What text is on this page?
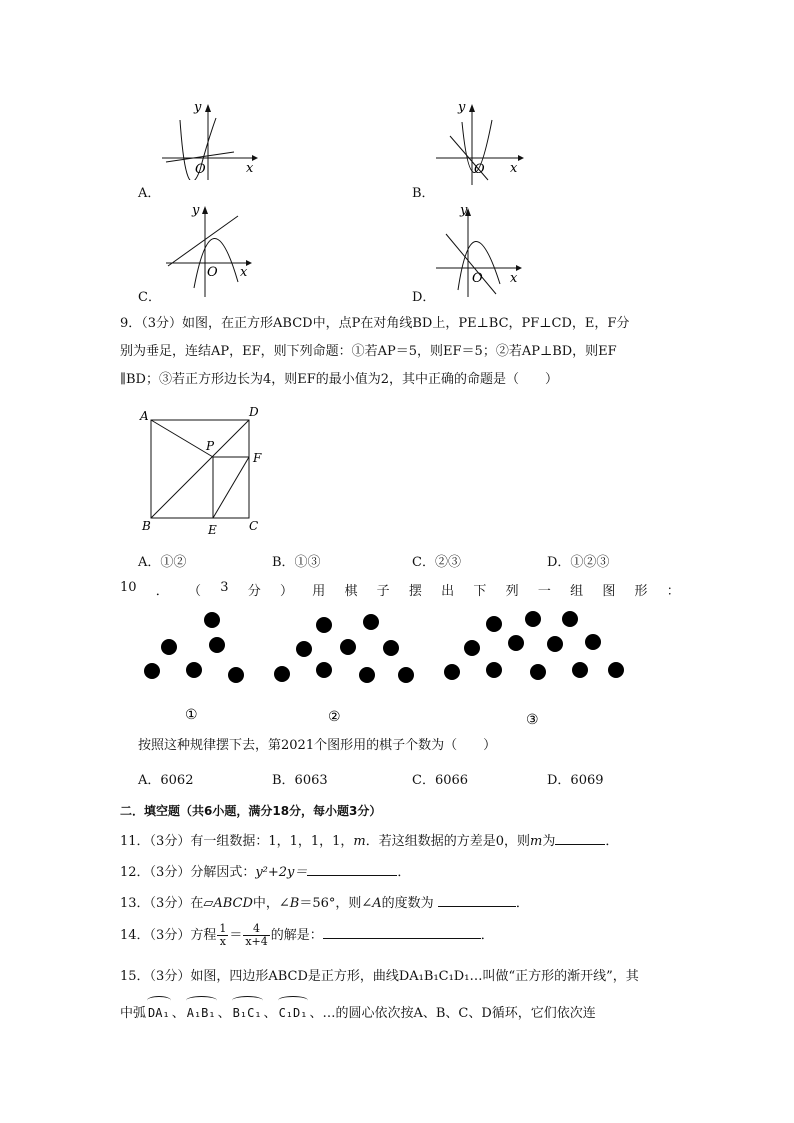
y
x
O
A．
y
x
O
B．
y
x
O
C．
y
x
O
D．
9．（3分）如图，在正方形ABCD中，点P在对角线BD上，PE⊥BC，PF⊥CD，E，F分
别为垂足，连结AP，EF，则下列命题：①若AP＝5，则EF＝5；②若AP⊥BD，则EF
∥BD；③若正方形边长为4，则EF的最小值为2，其中正确的命题是（　　）
A	D
B	C
P
F
E
A．①②	B．①③	C．②③	D．①②③
10 ． （ 3 分 ） 用 棋 子 摆 出 下 列 一 组 图 形 ：
①	②	③
按照这种规律摆下去，第2021个图形用的棋子个数为（　　）
A．6062	B．6063	C．6066	D．6069
二．填空题（共6小题，满分18分，每小题3分）
11．（3分）有一组数据：1，1，1，1，m．若这组数据的方差是0，则m为	．
12．（3分）分解因式：y²+2y＝	．
13．（3分）在▱ABCD中，∠B＝56°，则∠A的度数为	．
14．（3分）方程 $\frac{1}{x} = \frac{4}{x+4}$ 的解是：	．
15．（3分）如图，四边形ABCD是正方形，曲线DA₁B₁C₁D₁…叫做“正方形的渐开线”，其
中弧 DA₁ 、 A₁B₁ 、 B₁C₁ 、 C₁D₁ 、…的圆心依次按A、B、C、D循环，它们依次连
